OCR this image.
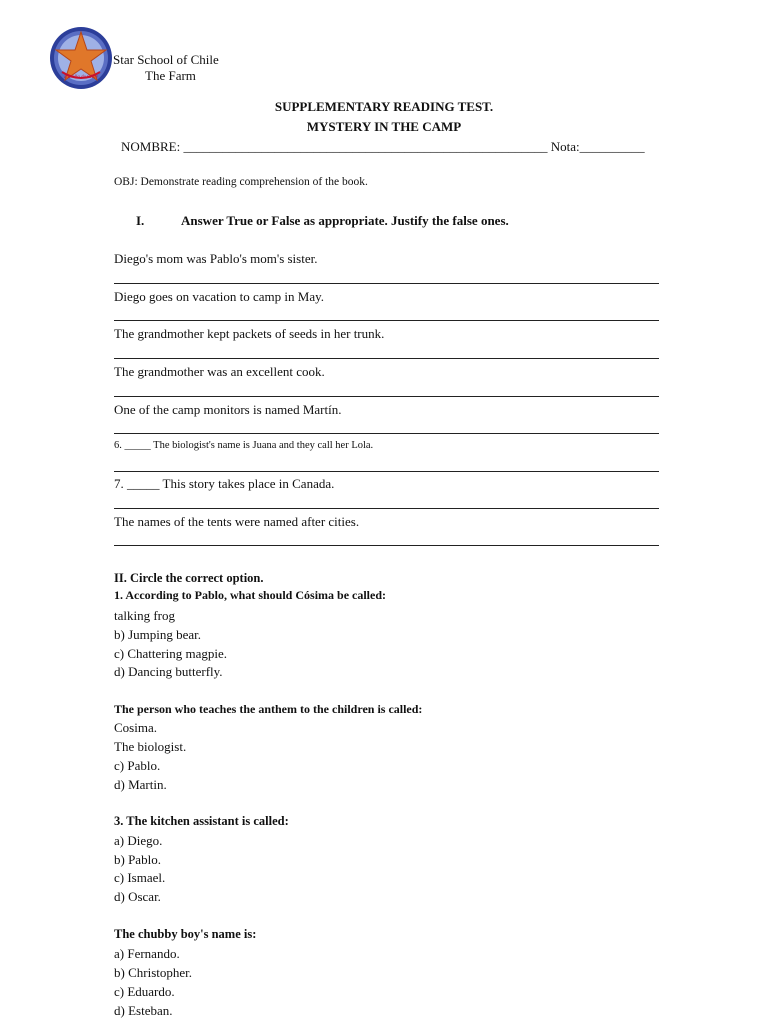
Estrella de Chile
Star School of Chile
The Farm
SUPPLEMENTARY READING TEST.
MYSTERY IN THE CAMP
NOMBRE: ________________________________________________________ Nota:__________
OBJ: Demonstrate reading comprehension of the book.
I.	Answer True or False as appropriate. Justify the false ones.
Diego's mom was Pablo's mom's sister.
Diego goes on vacation to camp in May.
The grandmother kept packets of seeds in her trunk.
The grandmother was an excellent cook.
One of the camp monitors is named Martín.
6. _____ The biologist's name is Juana and they call her Lola.
7. _____ This story takes place in Canada.
The names of the tents were named after cities.
II. Circle the correct option.
1. According to Pablo, what should Cósima be called:
talking frog
b) Jumping bear.
c) Chattering magpie.
d) Dancing butterfly.
The person who teaches the anthem to the children is called:
Cosima.
The biologist.
c) Pablo.
d) Martin.
3. The kitchen assistant is called:
a) Diego.
b) Pablo.
c) Ismael.
d) Oscar.
The chubby boy's name is:
a) Fernando.
b) Christopher.
c) Eduardo.
d) Esteban.
